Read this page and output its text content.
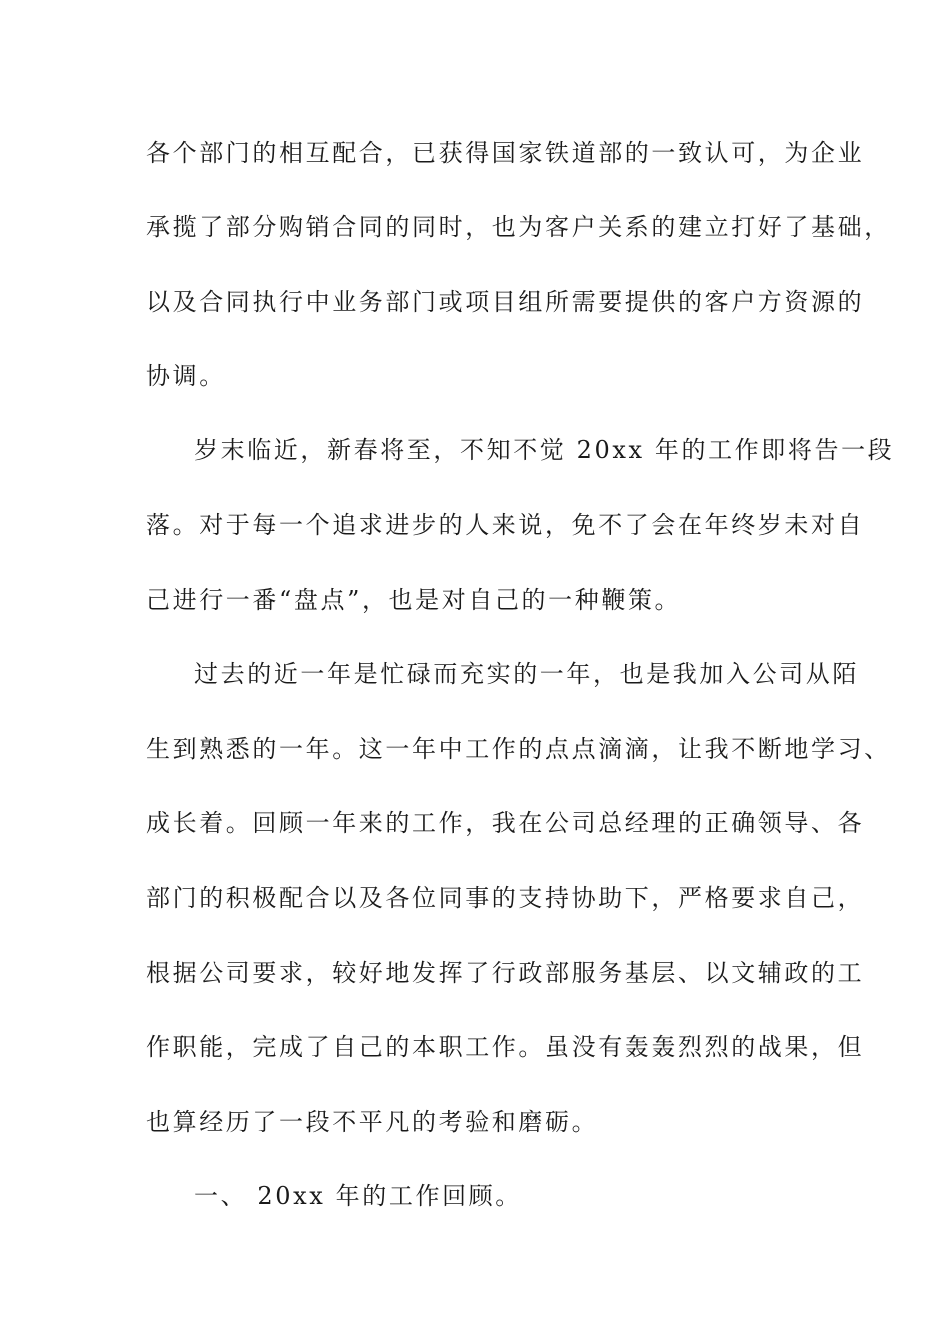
各个部门的相互配合，已获得国家铁道部的一致认可，为企业
承揽了部分购销合同的同时，也为客户关系的建立打好了基础，
以及合同执行中业务部门或项目组所需要提供的客户方资源的
协调。
岁末临近，新春将至，不知不觉 20xx 年的工作即将告一段
落。对于每一个追求进步的人来说，免不了会在年终岁未对自
己进行一番“盘点”，也是对自己的一种鞭策。
过去的近一年是忙碌而充实的一年，也是我加入公司从陌
生到熟悉的一年。这一年中工作的点点滴滴，让我不断地学习、
成长着。回顾一年来的工作，我在公司总经理的正确领导、各
部门的积极配合以及各位同事的支持协助下，严格要求自己，
根据公司要求，较好地发挥了行政部服务基层、以文辅政的工
作职能，完成了自己的本职工作。虽没有轰轰烈烈的战果，但
也算经历了一段不平凡的考验和磨砺。
一、 20xx 年的工作回顾。
